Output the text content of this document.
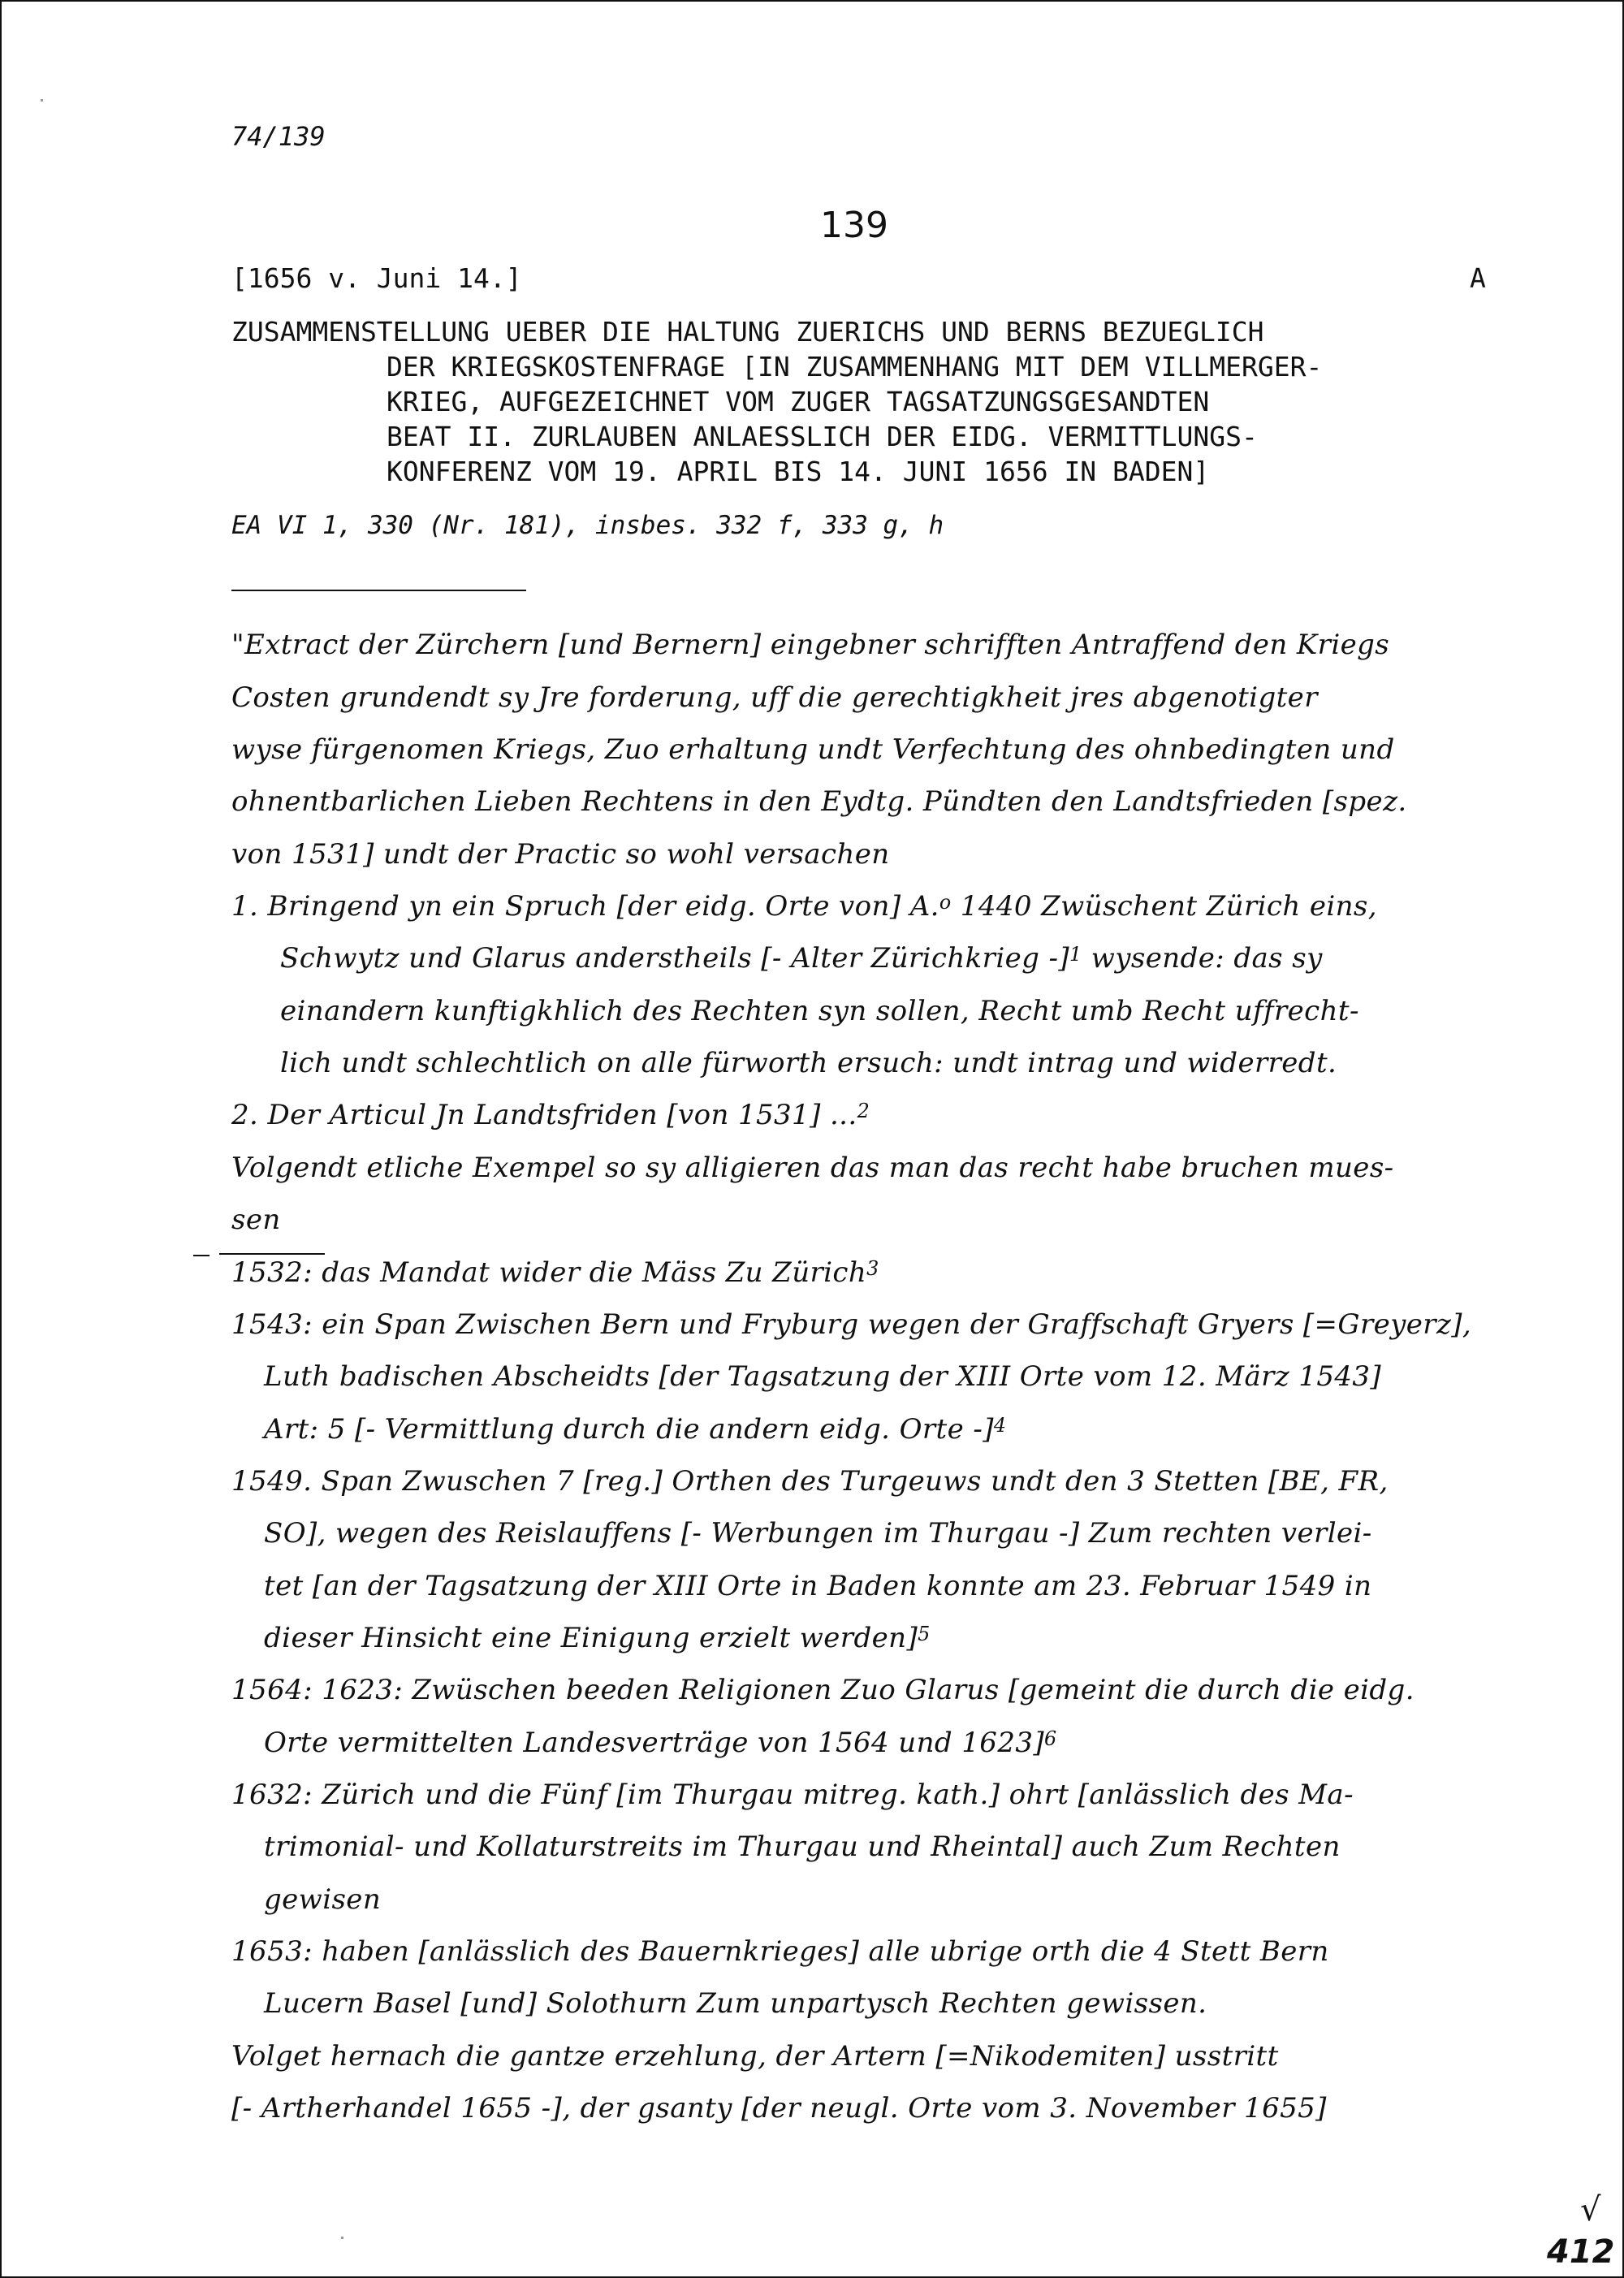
74/139
139
[1656 v. Juni 14.]	A
ZUSAMMENSTELLUNG UEBER DIE HALTUNG ZUERICHS UND BERNS BEZUEGLICH
DER KRIEGSKOSTENFRAGE [IN ZUSAMMENHANG MIT DEM VILLMERGER-
KRIEG, AUFGEZEICHNET VOM ZUGER TAGSATZUNGSGESANDTEN
BEAT II. ZURLAUBEN ANLAESSLICH DER EIDG. VERMITTLUNGS-
KONFERENZ VOM 19. APRIL BIS 14. JUNI 1656 IN BADEN]
EA VI 1, 330 (Nr. 181), insbes. 332 f, 333 g, h
"Extract der Zürchern [und Bernern] eingebner schrifften Antraffend den Kriegs
Costen grundendt sy Jre forderung, uff die gerechtigkheit jres abgenotigter
wyse fürgenomen Kriegs, Zuo erhaltung undt Verfechtung des ohnbedingten und
ohnentbarlichen Lieben Rechtens in den Eydtg. Pündten den Landtsfrieden [spez.
von 1531] undt der Practic so wohl versachen
1. Bringend yn ein Spruch [der eidg. Orte von] A.$^o$ 1440 Zwüschent Zürich eins,
Schwytz und Glarus anderstheils [- Alter Zürichkrieg -]$^1$ wysende: das sy
einandern kunftigkhlich des Rechten syn sollen, Recht umb Recht uffrecht-
lich undt schlechtlich on alle fürworth ersuch: undt intrag und widerredt.
2. Der Articul Jn Landtsfriden [von 1531] ...$^2$
Volgendt etliche Exempel so sy alligieren das man das recht habe bruchen mues-
sen
1532: das Mandat wider die Mäss Zu Zürich$^3$
1543: ein Span Zwischen Bern und Fryburg wegen der Graffschaft Gryers [=Greyerz],
Luth badischen Abscheidts [der Tagsatzung der XIII Orte vom 12. März 1543]
Art: 5 [- Vermittlung durch die andern eidg. Orte -]$^4$
1549. Span Zwuschen 7 [reg.] Orthen des Turgeuws undt den 3 Stetten [BE, FR,
SO], wegen des Reislauffens [- Werbungen im Thurgau -] Zum rechten verlei-
tet [an der Tagsatzung der XIII Orte in Baden konnte am 23. Februar 1549 in
dieser Hinsicht eine Einigung erzielt werden]$^5$
1564: 1623: Zwüschen beeden Religionen Zuo Glarus [gemeint die durch die eidg.
Orte vermittelten Landesverträge von 1564 und 1623]$^6$
1632: Zürich und die Fünf [im Thurgau mitreg. kath.] ohrt [anlässlich des Ma-
trimonial- und Kollaturstreits im Thurgau und Rheintal] auch Zum Rechten
gewisen
1653: haben [anlässlich des Bauernkrieges] alle ubrige orth die 4 Stett Bern
Lucern Basel [und] Solothurn Zum unpartysch Rechten gewissen.
Volget hernach die gantze erzehlung, der Artern [=Nikodemiten] usstritt
[- Artherhandel 1655 -], der gsanty [der neugl. Orte vom 3. November 1655]
√
412
